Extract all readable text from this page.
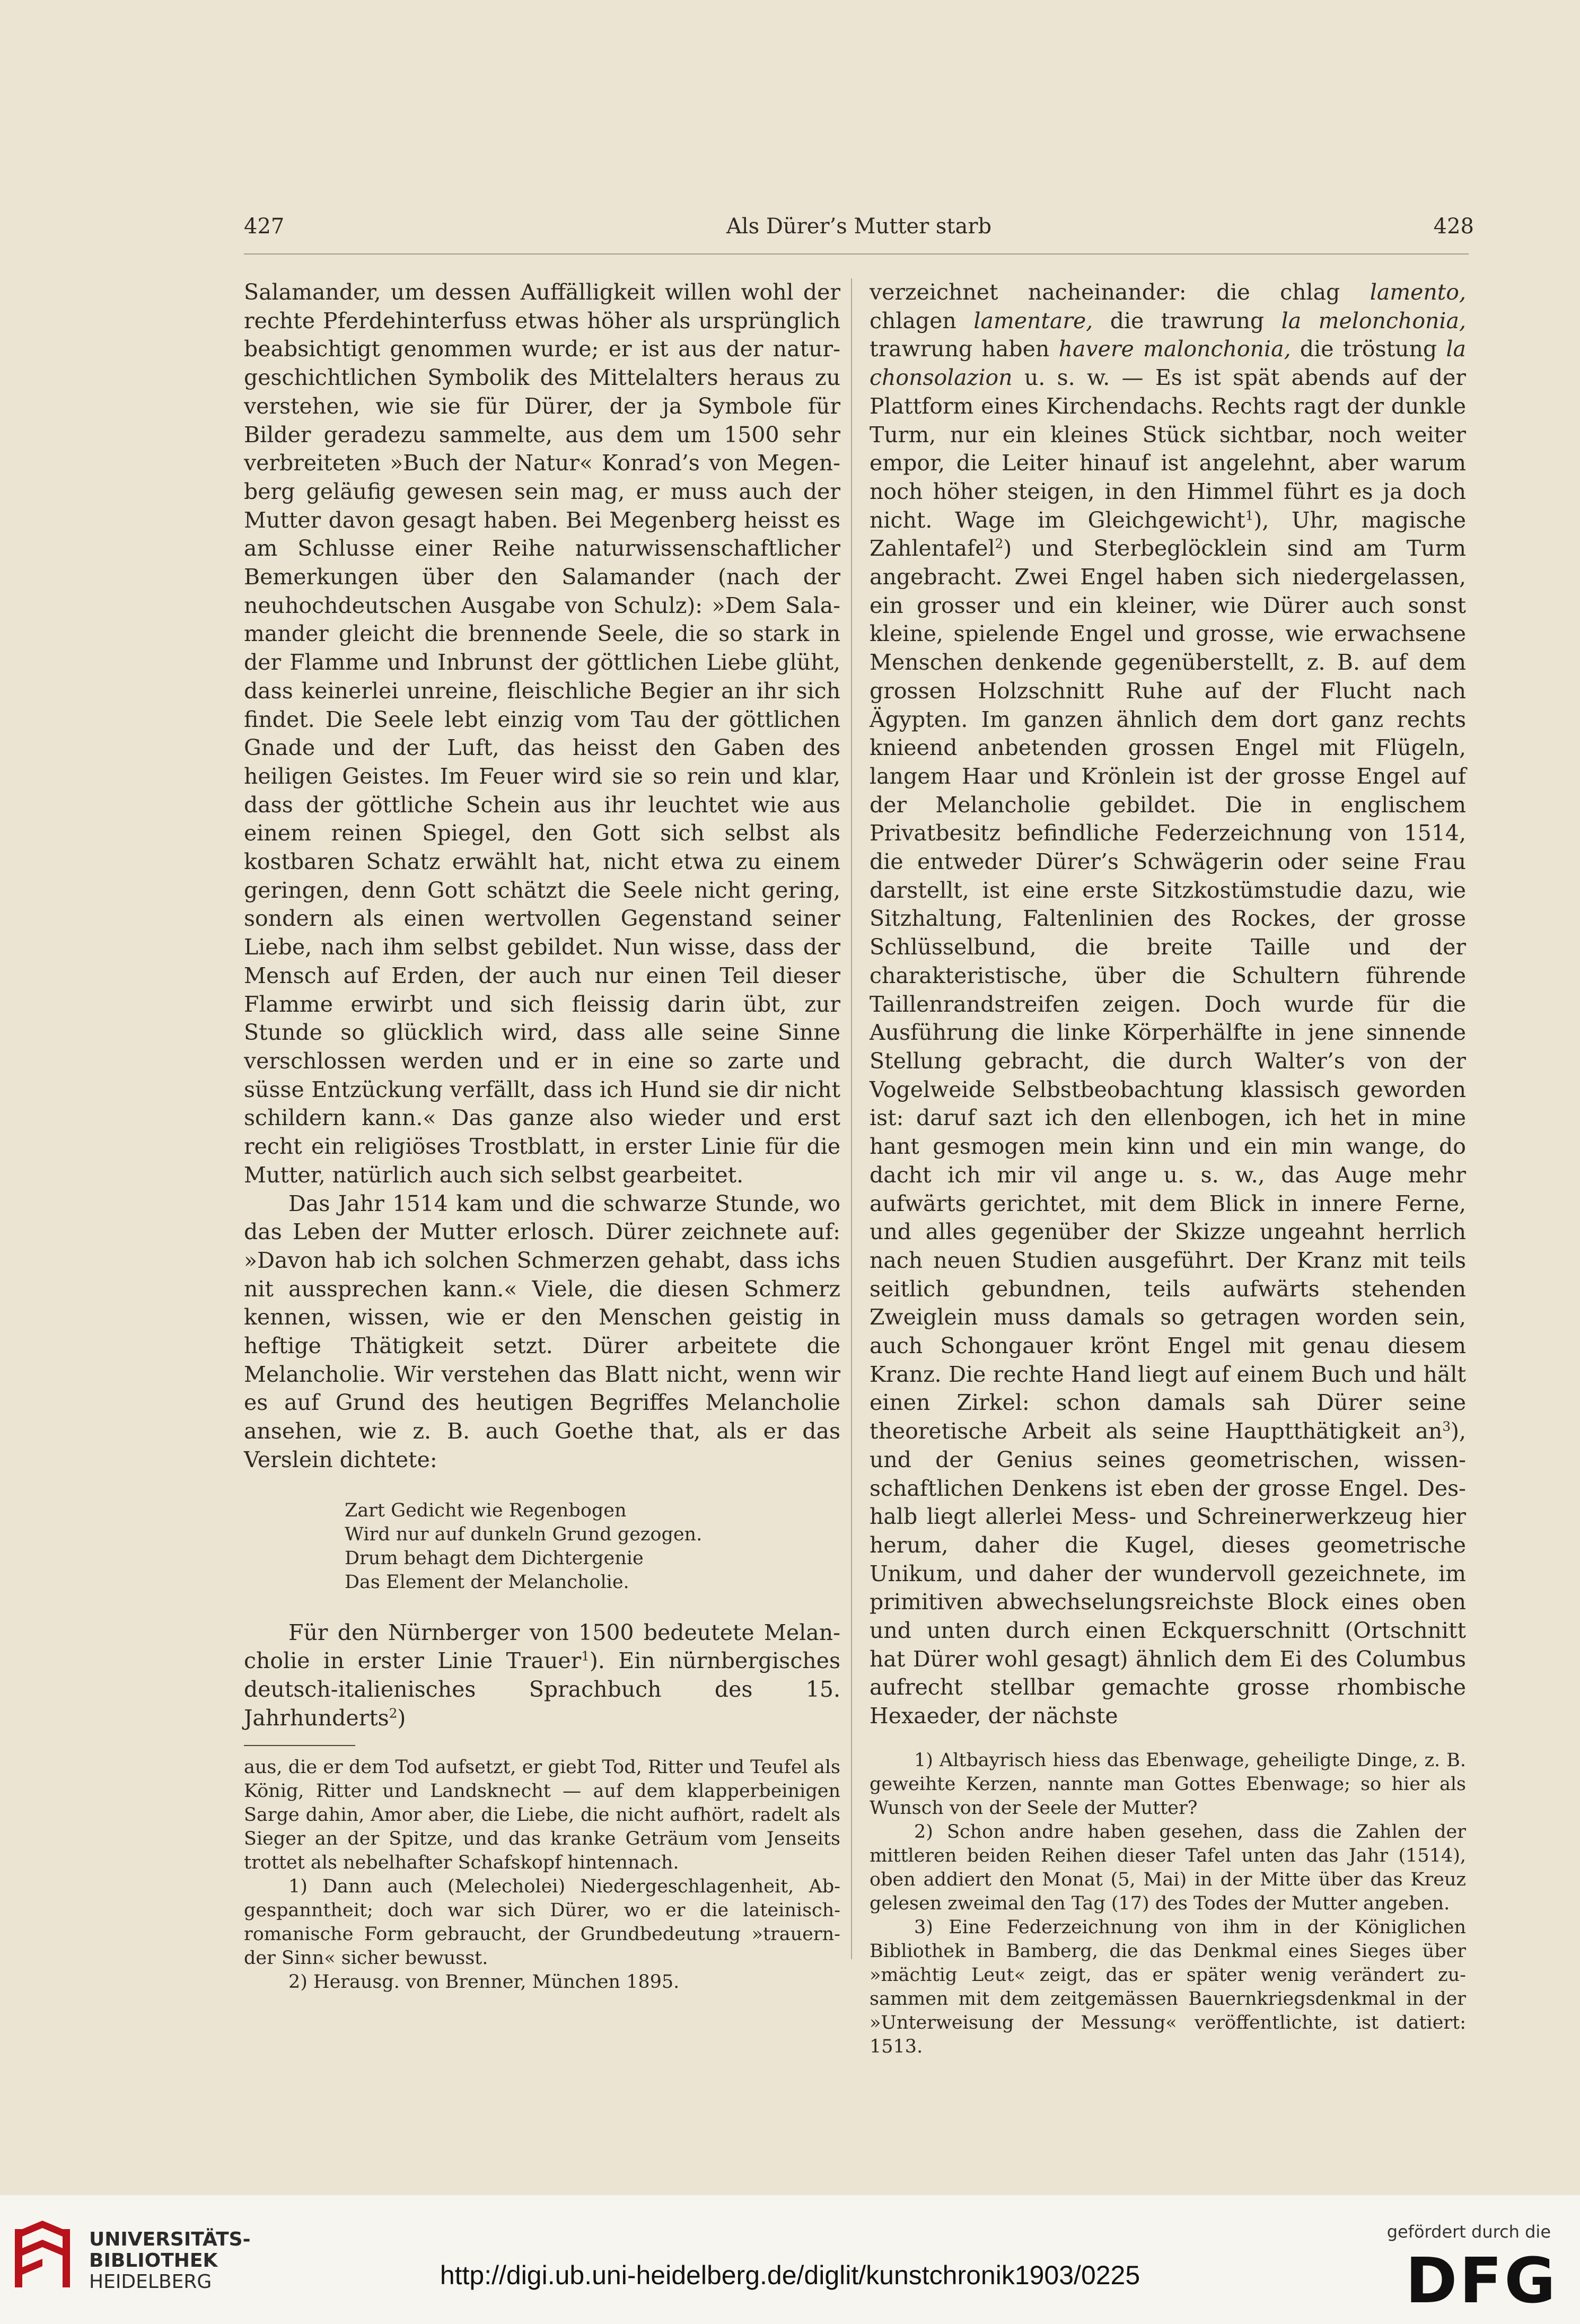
427	Als Dürer’s Mutter starb	428

Salamander, um dessen Auffälligkeit willen wohl der rechte Pferdehinterfuss etwas höher als ursprünglich beabsichtigt genommen wurde; er ist aus der naturgeschichtlichen Symbolik des Mittelalters heraus zu verstehen, wie sie für Dürer, der ja Symbole für Bilder geradezu sammelte, aus dem um 1500 sehr verbreiteten »Buch der Natur« Konrad’s von Megenberg geläufig gewesen sein mag, er muss auch der Mutter davon gesagt haben. Bei Megenberg heisst es am Schlusse einer Reihe naturwissenschaftlicher Bemerkungen über den Salamander (nach der neuhochdeutschen Ausgabe von Schulz): »Dem Salamander gleicht die brennende Seele, die so stark in der Flamme und Inbrunst der göttlichen Liebe glüht, dass keinerlei unreine, fleischliche Begier an ihr sich findet. Die Seele lebt einzig vom Tau der göttlichen Gnade und der Luft, das heisst den Gaben des heiligen Geistes. Im Feuer wird sie so rein und klar, dass der göttliche Schein aus ihr leuchtet wie aus einem reinen Spiegel, den Gott sich selbst als kostbaren Schatz erwählt hat, nicht etwa zu einem geringen, denn Gott schätzt die Seele nicht gering, sondern als einen wertvollen Gegenstand seiner Liebe, nach ihm selbst gebildet. Nun wisse, dass der Mensch auf Erden, der auch nur einen Teil dieser Flamme erwirbt und sich fleissig darin übt, zur Stunde so glücklich wird, dass alle seine Sinne verschlossen werden und er in eine so zarte und süsse Entzückung verfällt, dass ich Hund sie dir nicht schildern kann.« Das ganze also wieder und erst recht ein religiöses Trostblatt, in erster Linie für die Mutter, natürlich auch sich selbst gearbeitet.

Das Jahr 1514 kam und die schwarze Stunde, wo das Leben der Mutter erlosch. Dürer zeichnete auf: »Davon hab ich solchen Schmerzen gehabt, dass ichs nit aussprechen kann.« Viele, die diesen Schmerz kennen, wissen, wie er den Menschen geistig in heftige Thätigkeit setzt. Dürer arbeitete die Melancholie. Wir verstehen das Blatt nicht, wenn wir es auf Grund des heutigen Begriffes Melancholie ansehen, wie z. B. auch Goethe that, als er das Verslein dichtete:

Zart Gedicht wie Regenbogen
Wird nur auf dunkeln Grund gezogen.
Drum behagt dem Dichtergenie
Das Element der Melancholie.

Für den Nürnberger von 1500 bedeutete Melancholie in erster Linie Trauer$^1$). Ein nürnbergisches deutsch-italienisches Sprachbuch des 15. Jahrhunderts$^2$)

aus, die er dem Tod aufsetzt, er giebt Tod, Ritter und Teufel als König, Ritter und Landsknecht — auf dem klapperbeinigen Sarge dahin, Amor aber, die Liebe, die nicht aufhört, radelt als Sieger an der Spitze, und das kranke Geträum vom Jenseits trottet als nebelhafter Schafskopf hintennach.

1) Dann auch (Melecholei) Niedergeschlagenheit, Abgespanntheit; doch war sich Dürer, wo er die lateinisch-romanische Form gebraucht, der Grundbedeutung »trauernder Sinn« sicher bewusst.

2) Herausg. von Brenner, München 1895.

verzeichnet nacheinander: die chlag lamento, chlagen lamentare, die trawrung la melonchonia, trawrung haben havere malonchonia, die tröstung la chonsolazion u. s. w. — Es ist spät abends auf der Plattform eines Kirchendachs. Rechts ragt der dunkle Turm, nur ein kleines Stück sichtbar, noch weiter empor, die Leiter hinauf ist angelehnt, aber warum noch höher steigen, in den Himmel führt es ja doch nicht. Wage im Gleichgewicht$^1$), Uhr, magische Zahlentafel$^2$) und Sterbeglöcklein sind am Turm angebracht. Zwei Engel haben sich niedergelassen, ein grosser und ein kleiner, wie Dürer auch sonst kleine, spielende Engel und grosse, wie erwachsene Menschen denkende gegenüberstellt, z. B. auf dem grossen Holzschnitt Ruhe auf der Flucht nach Ägypten. Im ganzen ähnlich dem dort ganz rechts knieend anbetenden grossen Engel mit Flügeln, langem Haar und Krönlein ist der grosse Engel auf der Melancholie gebildet. Die in englischem Privatbesitz befindliche Federzeichnung von 1514, die entweder Dürer’s Schwägerin oder seine Frau darstellt, ist eine erste Sitzkostümstudie dazu, wie Sitzhaltung, Faltenlinien des Rockes, der grosse Schlüsselbund, die breite Taille und der charakteristische, über die Schultern führende Taillenrandstreifen zeigen. Doch wurde für die Ausführung die linke Körperhälfte in jene sinnende Stellung gebracht, die durch Walter’s von der Vogelweide Selbstbeobachtung klassisch geworden ist: daruf sazt ich den ellenbogen, ich het in mine hant gesmogen mein kinn und ein min wange, do dacht ich mir vil ange u. s. w., das Auge mehr aufwärts gerichtet, mit dem Blick in innere Ferne, und alles gegenüber der Skizze ungeahnt herrlich nach neuen Studien ausgeführt. Der Kranz mit teils seitlich gebundnen, teils aufwärts stehenden Zweiglein muss damals so getragen worden sein, auch Schongauer krönt Engel mit genau diesem Kranz. Die rechte Hand liegt auf einem Buch und hält einen Zirkel: schon damals sah Dürer seine theoretische Arbeit als seine Hauptthätigkeit $an^3$), und der Genius seines geometrischen, wissenschaftlichen Denkens ist eben der grosse Engel. Deshalb liegt allerlei Mess- und Schreinerwerkzeug hier herum, daher die Kugel, dieses geometrische Unikum, und daher der wundervoll gezeichnete, im primitiven abwechselungsreichste Block eines oben und unten durch einen Eckquerschnitt (Ortschnitt hat Dürer wohl gesagt) ähnlich dem Ei des Columbus aufrecht stellbar gemachte grosse rhombische Hexaeder, der nächste

1) Altbayrisch hiess das Ebenwage, geheiligte Dinge, z. B. geweihte Kerzen, nannte man Gottes Ebenwage; so hier als Wunsch von der Seele der Mutter?

2) Schon andre haben gesehen, dass die Zahlen der mittleren beiden Reihen dieser Tafel unten das Jahr (1514), oben addiert den Monat (5, Mai) in der Mitte über das Kreuz gelesen zweimal den Tag (17) des Todes der Mutter angeben.

3) Eine Federzeichnung von ihm in der Königlichen Bibliothek in Bamberg, die das Denkmal eines Sieges über »mächtig Leut« zeigt, das er später wenig verändert zusammen mit dem zeitgemässen Bauernkriegsdenkmal in der »Unterweisung der Messung« veröffentlichte, ist datiert: 1513.

UNIVERSITÄTS-
BIBLIOTHEK
HEIDELBERG	http://digi.ub.uni-heidelberg.de/diglit/kunstchronik1903/0225
gefördert durch die
DFG
